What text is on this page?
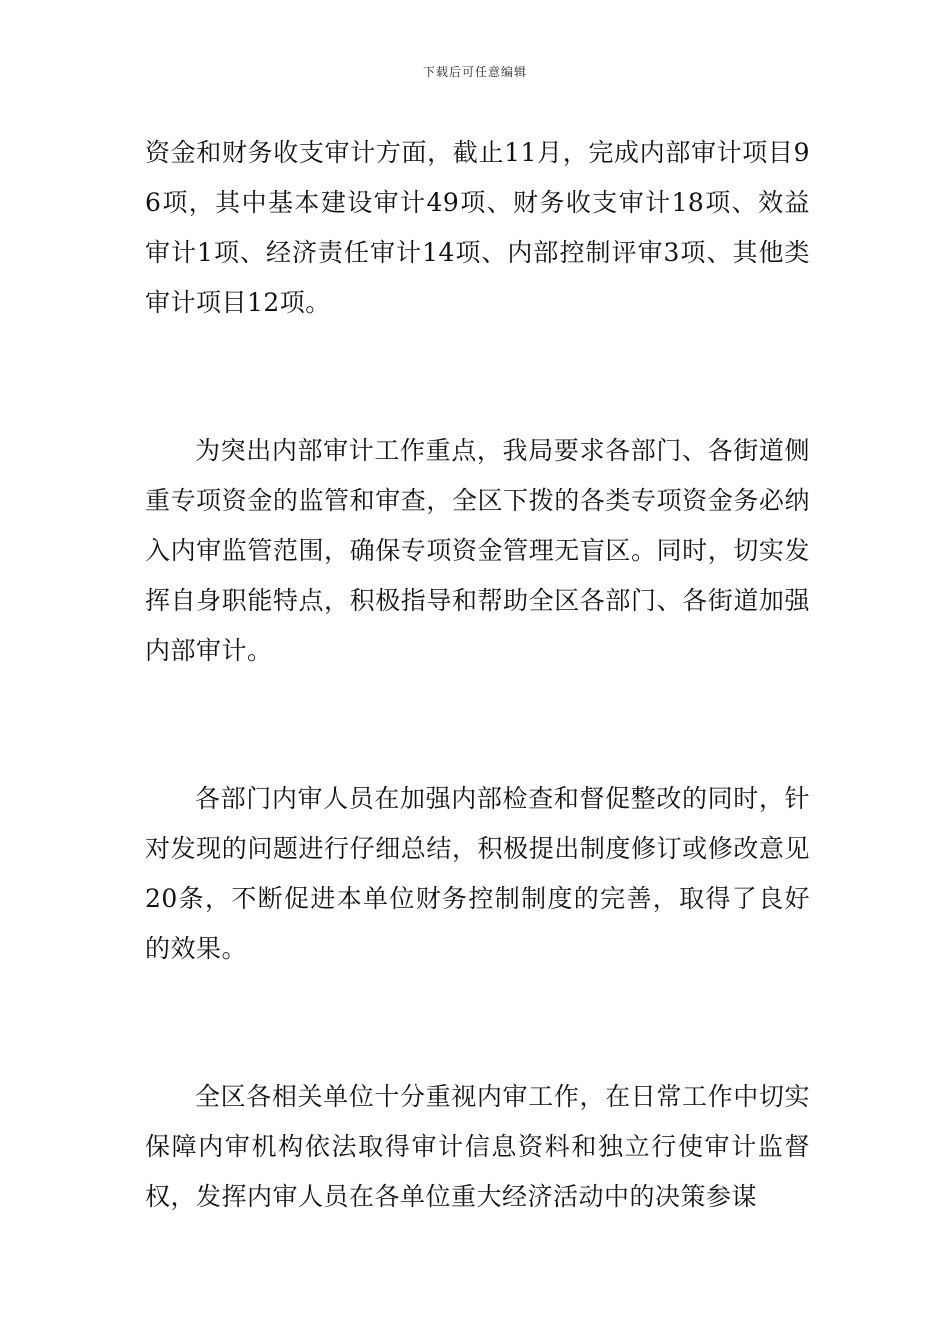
下载后可任意编辑

资金和财务收支审计方面，截止11月，完成内部审计项目96项，其中基本建设审计49项、财务收支审计18项、效益审计1项、经济责任审计14项、内部控制评审3项、其他类审计项目12项。

为突出内部审计工作重点，我局要求各部门、各街道侧重专项资金的监管和审查，全区下拨的各类专项资金务必纳入内审监管范围，确保专项资金管理无盲区。同时，切实发挥自身职能特点，积极指导和帮助全区各部门、各街道加强内部审计。

各部门内审人员在加强内部检查和督促整改的同时，针对发现的问题进行仔细总结，积极提出制度修订或修改意见20条，不断促进本单位财务控制制度的完善，取得了良好的效果。

全区各相关单位十分重视内审工作，在日常工作中切实保障内审机构依法取得审计信息资料和独立行使审计监督权，发挥内审人员在各单位重大经济活动中的决策参谋
